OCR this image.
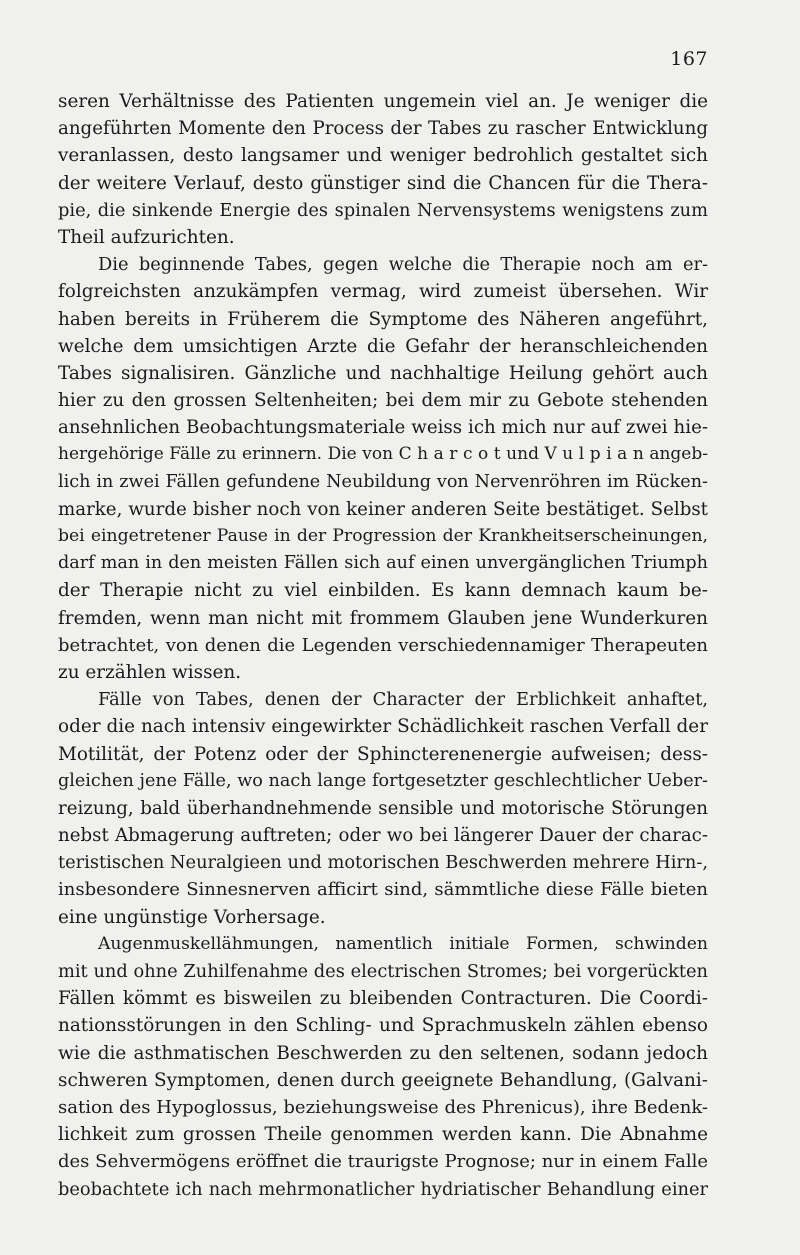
167
seren Verhältnisse des Patienten ungemein viel an. Je weniger die
angeführten Momente den Process der Tabes zu rascher Entwicklung
veranlassen, desto langsamer und weniger bedrohlich gestaltet sich
der weitere Verlauf, desto günstiger sind die Chancen für die Thera-
pie, die sinkende Energie des spinalen Nervensystems wenigstens zum
Theil aufzurichten.
Die beginnende Tabes, gegen welche die Therapie noch am er-
folgreichsten anzukämpfen vermag, wird zumeist übersehen. Wir
haben bereits in Früherem die Symptome des Näheren angeführt,
welche dem umsichtigen Arzte die Gefahr der heranschleichenden
Tabes signalisiren. Gänzliche und nachhaltige Heilung gehört auch
hier zu den grossen Seltenheiten; bei dem mir zu Gebote stehenden
ansehnlichen Beobachtungsmateriale weiss ich mich nur auf zwei hie-
hergehörige Fälle zu erinnern. Die von C h a r c o t und V u l p i a n angeb-
lich in zwei Fällen gefundene Neubildung von Nervenröhren im Rücken-
marke, wurde bisher noch von keiner anderen Seite bestätiget. Selbst
bei eingetretener Pause in der Progression der Krankheitserscheinungen,
darf man in den meisten Fällen sich auf einen unvergänglichen Triumph
der Therapie nicht zu viel einbilden. Es kann demnach kaum be-
fremden, wenn man nicht mit frommem Glauben jene Wunderkuren
betrachtet, von denen die Legenden verschiedennamiger Therapeuten
zu erzählen wissen.
Fälle von Tabes, denen der Character der Erblichkeit anhaftet,
oder die nach intensiv eingewirkter Schädlichkeit raschen Verfall der
Motilität, der Potenz oder der Sphincterenenergie aufweisen; dess-
gleichen jene Fälle, wo nach lange fortgesetzter geschlechtlicher Ueber-
reizung, bald überhandnehmende sensible und motorische Störungen
nebst Abmagerung auftreten; oder wo bei längerer Dauer der charac-
teristischen Neuralgieen und motorischen Beschwerden mehrere Hirn-,
insbesondere Sinnesnerven afficirt sind, sämmtliche diese Fälle bieten
eine ungünstige Vorhersage.
Augenmuskellähmungen, namentlich initiale Formen, schwinden
mit und ohne Zuhilfenahme des electrischen Stromes; bei vorgerückten
Fällen kömmt es bisweilen zu bleibenden Contracturen. Die Coordi-
nationsstörungen in den Schling- und Sprachmuskeln zählen ebenso
wie die asthmatischen Beschwerden zu den seltenen, sodann jedoch
schweren Symptomen, denen durch geeignete Behandlung, (Galvani-
sation des Hypoglossus, beziehungsweise des Phrenicus), ihre Bedenk-
lichkeit zum grossen Theile genommen werden kann. Die Abnahme
des Sehvermögens eröffnet die traurigste Prognose; nur in einem Falle
beobachtete ich nach mehrmonatlicher hydriatischer Behandlung einer
